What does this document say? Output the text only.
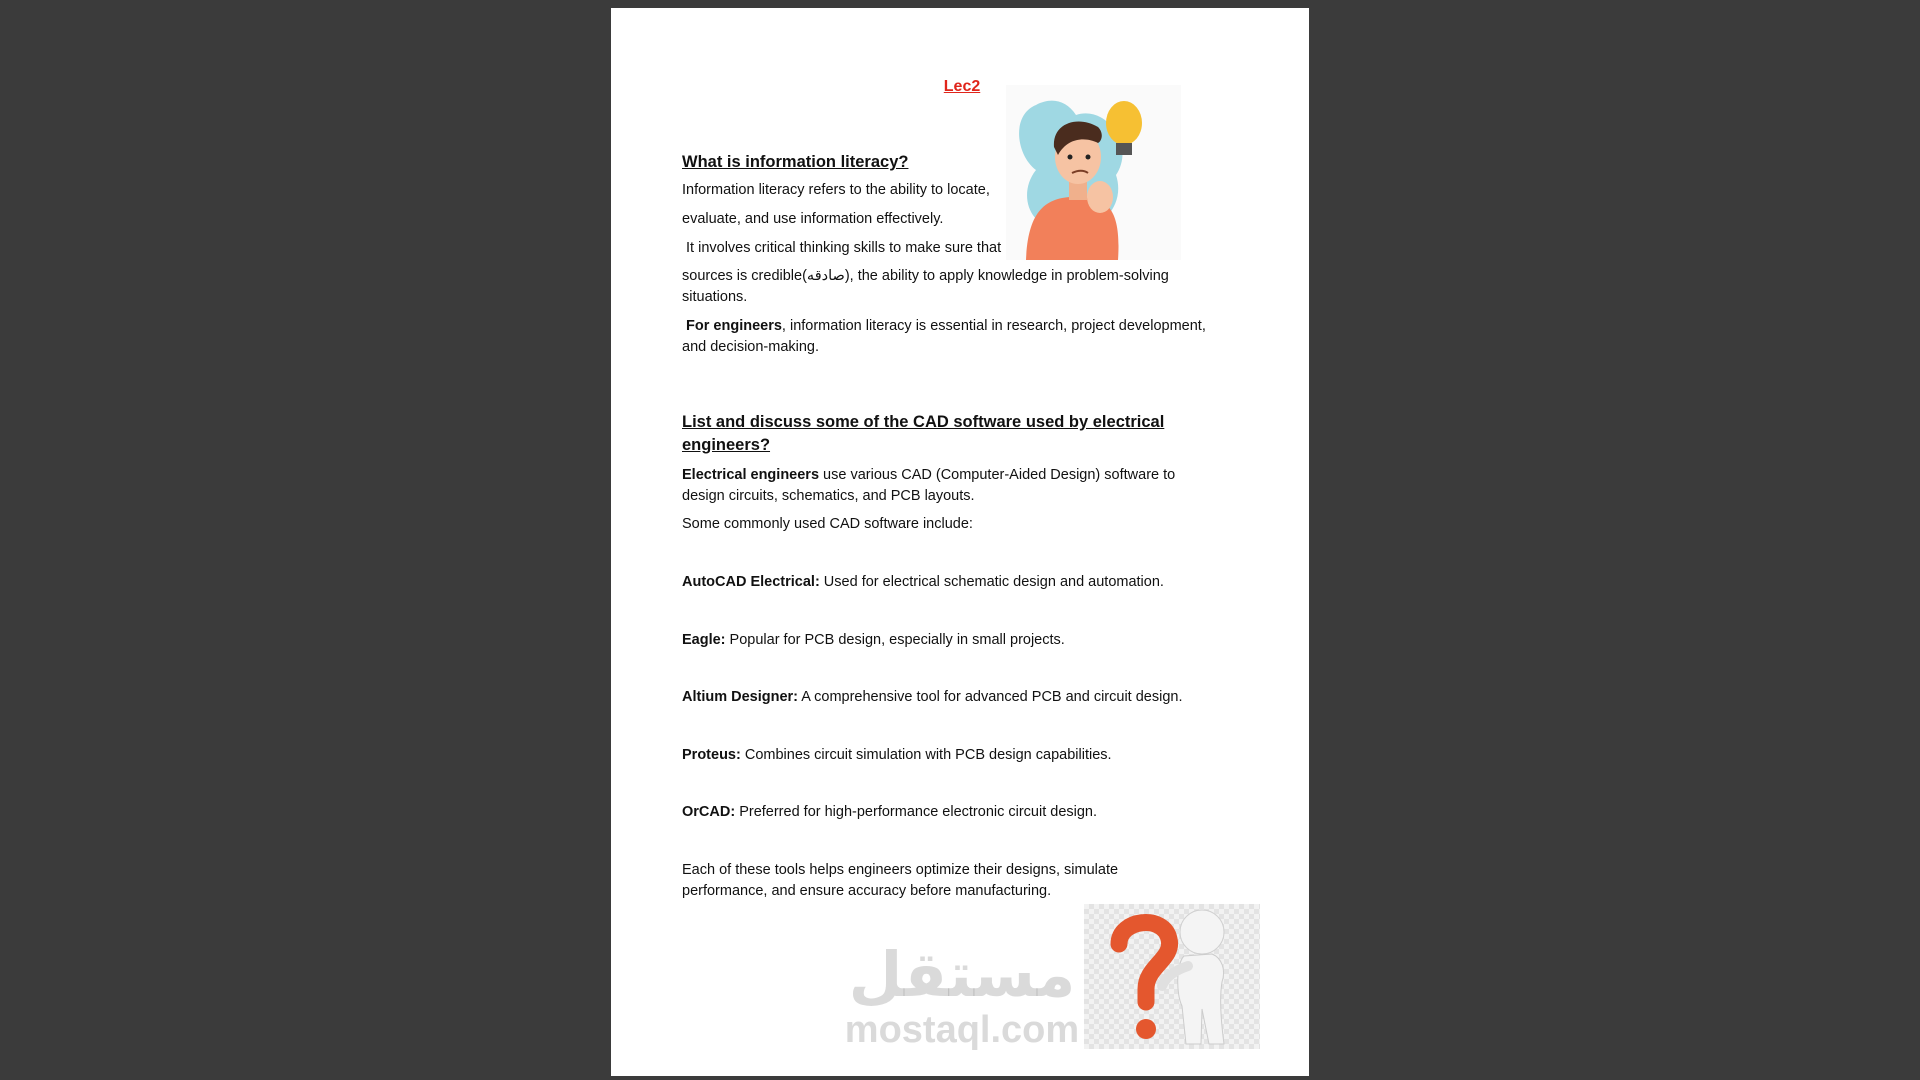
Lec2
What is information literacy?
Information literacy refers to the ability to locate,
evaluate, and use information effectively.
It involves critical thinking skills to make sure that
sources is credible(صادقه), the ability to apply knowledge in problem-solving
situations.
For engineers, information literacy is essential in research, project development,
and decision-making.
List and discuss some of the CAD software used by electrical
engineers?
Electrical engineers use various CAD (Computer-Aided Design) software to
design circuits, schematics, and PCB layouts.
Some commonly used CAD software include:
AutoCAD Electrical: Used for electrical schematic design and automation.
Eagle: Popular for PCB design, especially in small projects.
Altium Designer: A comprehensive tool for advanced PCB and circuit design.
Proteus: Combines circuit simulation with PCB design capabilities.
OrCAD: Preferred for high-performance electronic circuit design.
Each of these tools helps engineers optimize their designs, simulate
performance, and ensure accuracy before manufacturing.
مستقل
mostaql.com
